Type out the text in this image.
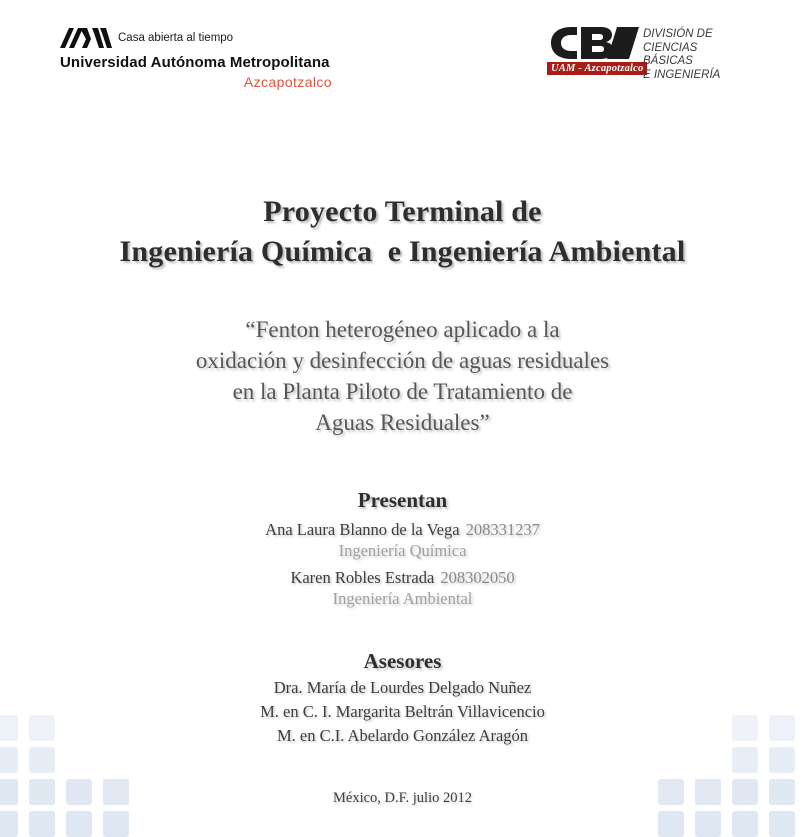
Casa abierta al tiempo
Universidad Autónoma Metropolitana
Azcapotzalco
UAM - Azcapotzalco
DIVISIÓN DE
CIENCIAS BÁSICAS
E INGENIERÍA
Proyecto Terminal de
Ingeniería Química  e Ingeniería Ambiental
“Fenton heterogéneo aplicado a la
oxidación y desinfección de aguas residuales
en la Planta Piloto de Tratamiento de
Aguas Residuales”
Presentan
Ana Laura Blanno de la Vega 208331237
Ingeniería Química
Karen Robles Estrada 208302050
Ingeniería Ambiental
Asesores
Dra. María de Lourdes Delgado Nuñez
M. en C. I. Margarita Beltrán Villavicencio
M. en C.I. Abelardo González Aragón
México, D.F. julio 2012
